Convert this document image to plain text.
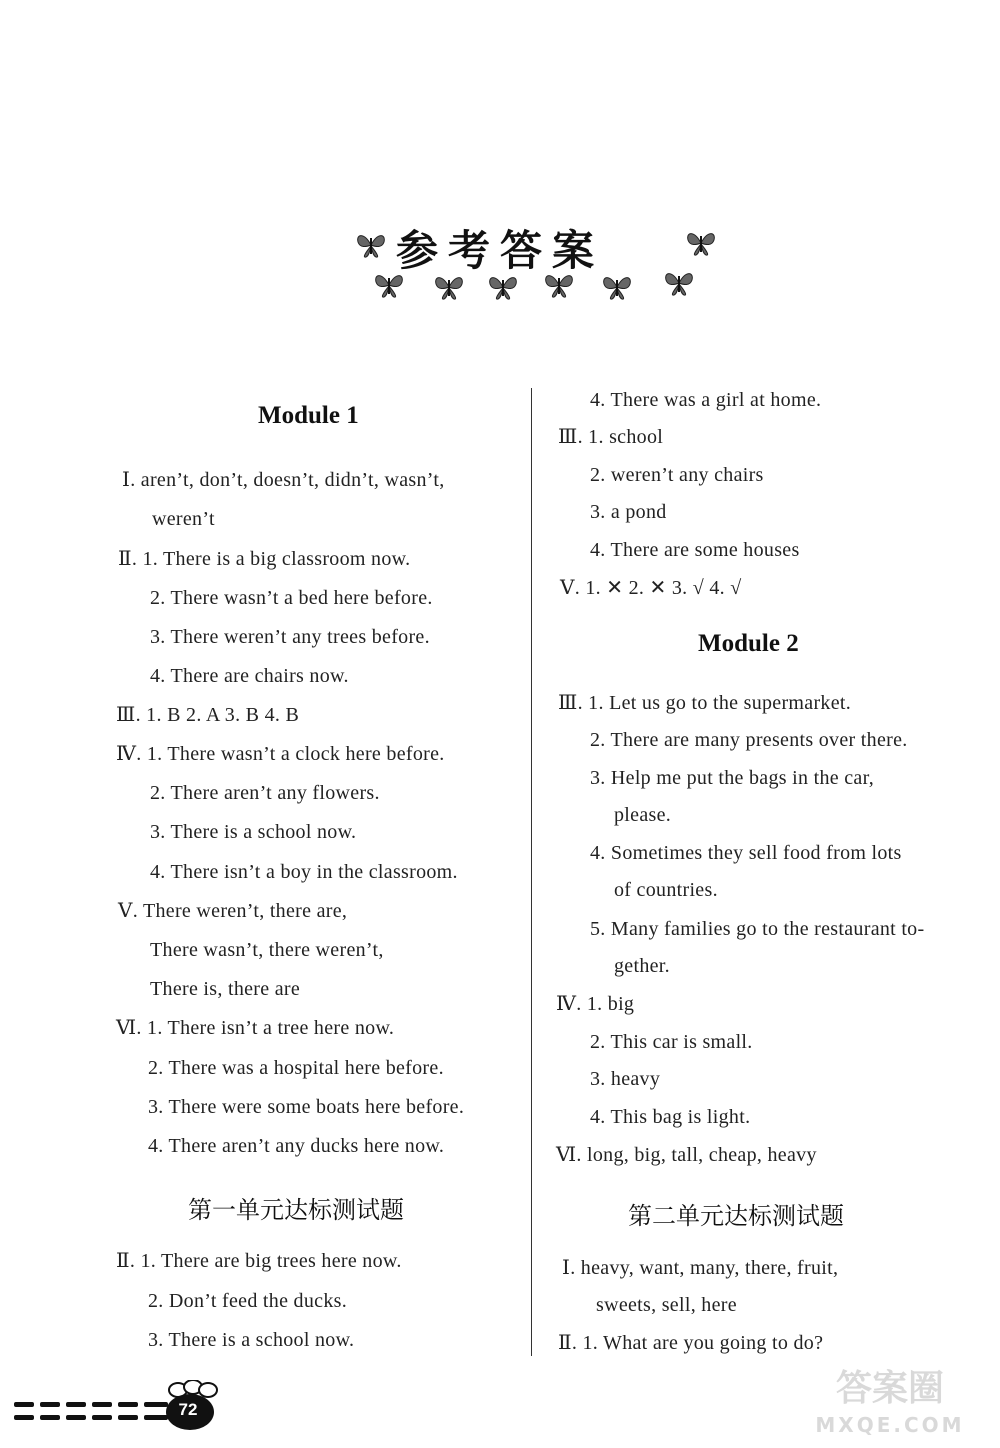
参考答案
Module 1
Ⅰ. aren’t, don’t, doesn’t, didn’t, wasn’t,
weren’t
Ⅱ. 1. There is a big classroom now.
2. There wasn’t a bed here before.
3. There weren’t any trees before.
4. There are chairs now.
Ⅲ. 1. B 2. A 3. B 4. B
Ⅳ. 1. There wasn’t a clock here before.
2. There aren’t any flowers.
3. There is a school now.
4. There isn’t a boy in the classroom.
Ⅴ. There weren’t, there are,
There wasn’t, there weren’t,
There is, there are
Ⅵ. 1. There isn’t a tree here now.
2. There was a hospital here before.
3. There were some boats here before.
4. There aren’t any ducks here now.
第一单元达标测试题
Ⅱ. 1. There are big trees here now.
2. Don’t feed the ducks.
3. There is a school now.
4. There was a girl at home.
Ⅲ. 1. school
2. weren’t any chairs
3. a pond
4. There are some houses
Ⅴ. 1. ✕ 2. ✕ 3. √ 4. √
Module 2
Ⅲ. 1. Let us go to the supermarket.
2. There are many presents over there.
3. Help me put the bags in the car,
please.
4. Sometimes they sell food from lots
of countries.
5. Many families go to the restaurant to-
gether.
Ⅳ. 1. big
2. This car is small.
3. heavy
4. This bag is light.
Ⅵ. long, big, tall, cheap, heavy
第二单元达标测试题
Ⅰ. heavy, want, many, there, fruit,
sweets, sell, here
Ⅱ. 1. What are you going to do?
72
答案圈
MXQE.COM
